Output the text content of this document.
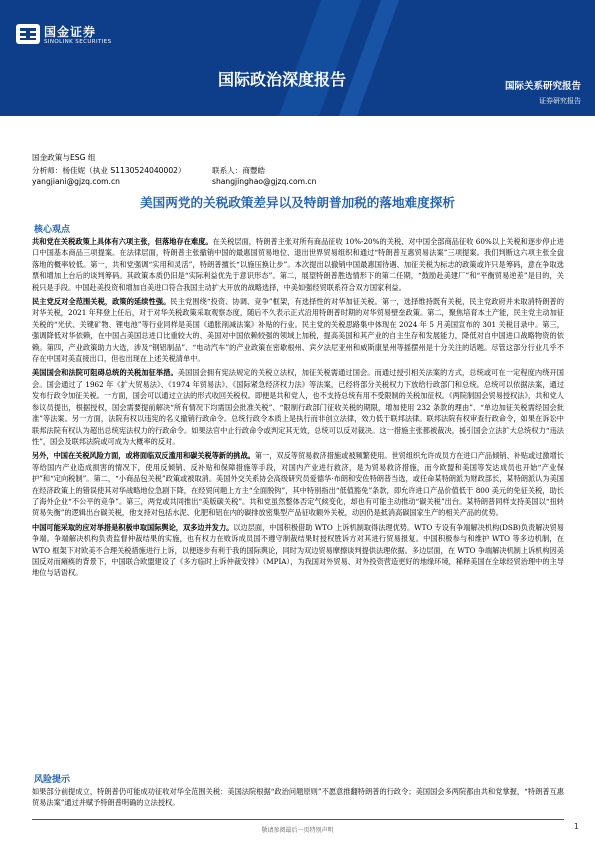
国金证券
SINOLINK SECURITIES
国际政治深度报告	国际关系研究报告
证券研究报告
国金政策与ESG 组
分析师：杨佳妮（执业 S1130524040002）	联系人：商豐皓
yangjiani@gjzq.com.cn	shangjinghao@gjzq.com.cn
美国两党的关税政策差异以及特朗普加税的落地难度探析
核心观点

共和党在关税政策上具体有六项主张，但落地存在难度。在关税层面，特朗普主张对所有商品征收 10%-20%的关税、对中国全部商品征收 60%以上关税和逐步停止进口中国基本商品三项提案。在法律层面，特朗普主张撤销中国的最惠国贸易地位、退出世界贸易组织和通过“特朗普互惠贸易法案”三项提案。我们判断这六项主张全盘落地的概率较低。第一，共和党强调“实用和灵活”，特朗普擅长“以施压换让步”。本次提出以撤销中国最惠国待遇、加征关税为标志的政策或许只是筹码，意在争取选票和增加上台后的谈判筹码。其政策本质仍旧是“实际利益优先于意识形态”。第二，展望特朗普胜选情形下的第二任期，“鼓励赴美建厂”和“平衡贸易逆差”是目的，关税只是手段。中国赴美投资和增加自美进口符合我国主动扩大开放的战略选择，中美如强经贸联系符合双方国家利益。

民主党反对全范围关税，政策的延续性强。民主党围绕“投资、协调、竞争”框架，有选择性的对华加征关税。第一，选择维持既有关税，民主党政府并未取消特朗普的对华关税，2021 年拜登上任后，对于对华关税政策采取观察态度，随后不久表示正式沿用特朗普时期的对华贸易壁垒政策。第二，聚焦培育本土产能，民主党主动加征关税的“光伏、关键矿物、锂电池”等行业同样是美国《通胀削减法案》补贴的行业。民主党的关税思路集中体现在 2024 年 5 月美国宣布的 301 关税目录中。第三，强调降低对华依赖，在中国占美国总进口比重较大的、美国对中国依赖较强的领域上加税，提高美国和其产业的自主生存和发展能力，降低对自中国进口战略物资的依赖。第四，产业政策助力大选，涉及“钢铝制品”、“电动汽车”的产业政策在密歇根州、宾夕法尼亚州和威斯康星州等摇摆州是十分关注的话题。尽管这部分行业几乎不存在中国对美直接出口，但也出现在上述关税清单中。

美国国会和法院可阻碍总统的关税加征举措。美国国会拥有宪法规定的关税立法权，加征关税需通过国会。而通过授引相关法案的方式，总统或可在一定程度内绕开国会。国会通过了 1962 年《扩大贸易法》、《1974 年贸易法》、《国际紧急经济权力法》等法案，已经将部分关税权力下放给行政部门和总统。总统可以依据法案，通过发布行政令加征关税。一方面，国会可以通过立法的形式收回关税权。即便是共和党人，也不支持总统有用不受限制的关税加征权。《两院制国会贸易授权法》，共和党人参议员提出，根据授权，国会需要提前解决“所有情况下均需国会批准关税”、“限制行政部门征收关税的期限，增加使用 232 条款的理由”、“单边加征关税需经国会批准”等法案。另一方面，法院有权以违宪的名义撤销行政命令。总统行政令本质上是执行而非创立法律，效力低于联邦法律。联邦法院有权审查行政命令，如果在诉讼中联邦法院有权认为超出总统宪法权力的行政命令。如果法官中止行政命令或判定其无效，总统可以反对裁决。这一措施主张都被裁决，援引国会立法扩大总统权力“违法性”，国会及联邦法院或可成为大概率的反对。

另外，中国在关税风险方面，或将面临双反滥用和碳关税等新的挑战。第一，双反等贸易救济措施或被频繁使用。世贸组织允许成员方在进口产品倾销、补贴或过激增长等给国内产业造成损害的情况下，使用反倾销、反补贴和保障措施等手段，对国内产业进行救济，是为贸易救济措施，而今欧盟和美国等发达成员也开始“产业保护”和“定向税制”。第二，“小商品包关税”政策或被取消。美国外交关系协会高级研究员爱德华·布朗和安佐特朗普当选，或任命某特朗派为财政部长，某特朗派认为美国在经济政策上的错误使其对华战略地位急剧下降，在经贸问题上方主“全面脱钩”，其中特别指出“低值豁免”条款，即允许进口产品价值低于 800 美元的免征关税，助长了海外企业“不公平的竞争”。第三，两党或共同推出“美版碳关税”。共和党虽然整体否定气候变化，却也有可能主动推动“碳关税”出台。某特朗普同样支持美国以“扭转贸易失衡”的逻辑出台碳关税，他支持对包括水泥、化肥和铝在内的碳排放密集型产品征收额外关税，动因仍是抵消高碳国家生产的相关产品的优势。

中国可能采取的应对举措是积极申取国际舆论，双多边并发力。以边层面，中国积极借助 WTO 上诉机制取得法理优势。WTO 专设有争端解决机构(DSB)负责解决贸易争端。争端解决机构负责监督仲裁结果的实施，也有权力在败诉成员国不遵守制裁结果时授权胜诉方对其进行贸易报复。中国积极参与和维护 WTO 等多边机制，在 WTO 框架下对欧美不合理关税措施进行上诉，以便逐步有利于我的国际舆论，同时为双边贸易摩擦谈判提供法理依据。多边层面，在 WTO 争端解决机制上诉机构因美国反对而瘫痪的背景下，中国联合欧盟建设了《多方临时上诉仲裁安排》（MPIA），为我国对外贸易、对外投资营造更好的地缘环境，稀释美国在全球经贸治理中的主导地位与话语权。

风险提示

如果部分前提成立，特朗普仍可能成功征收对华全范围关税：美国法院根据“政治问题原则”不愿意推翻特朗普的行政令；美国国会多两院都由共和党掌握，“特朗普互惠贸易法案”通过并赋予特朗普明确的立法授权。

敬请参阅最后一页特别声明	1
